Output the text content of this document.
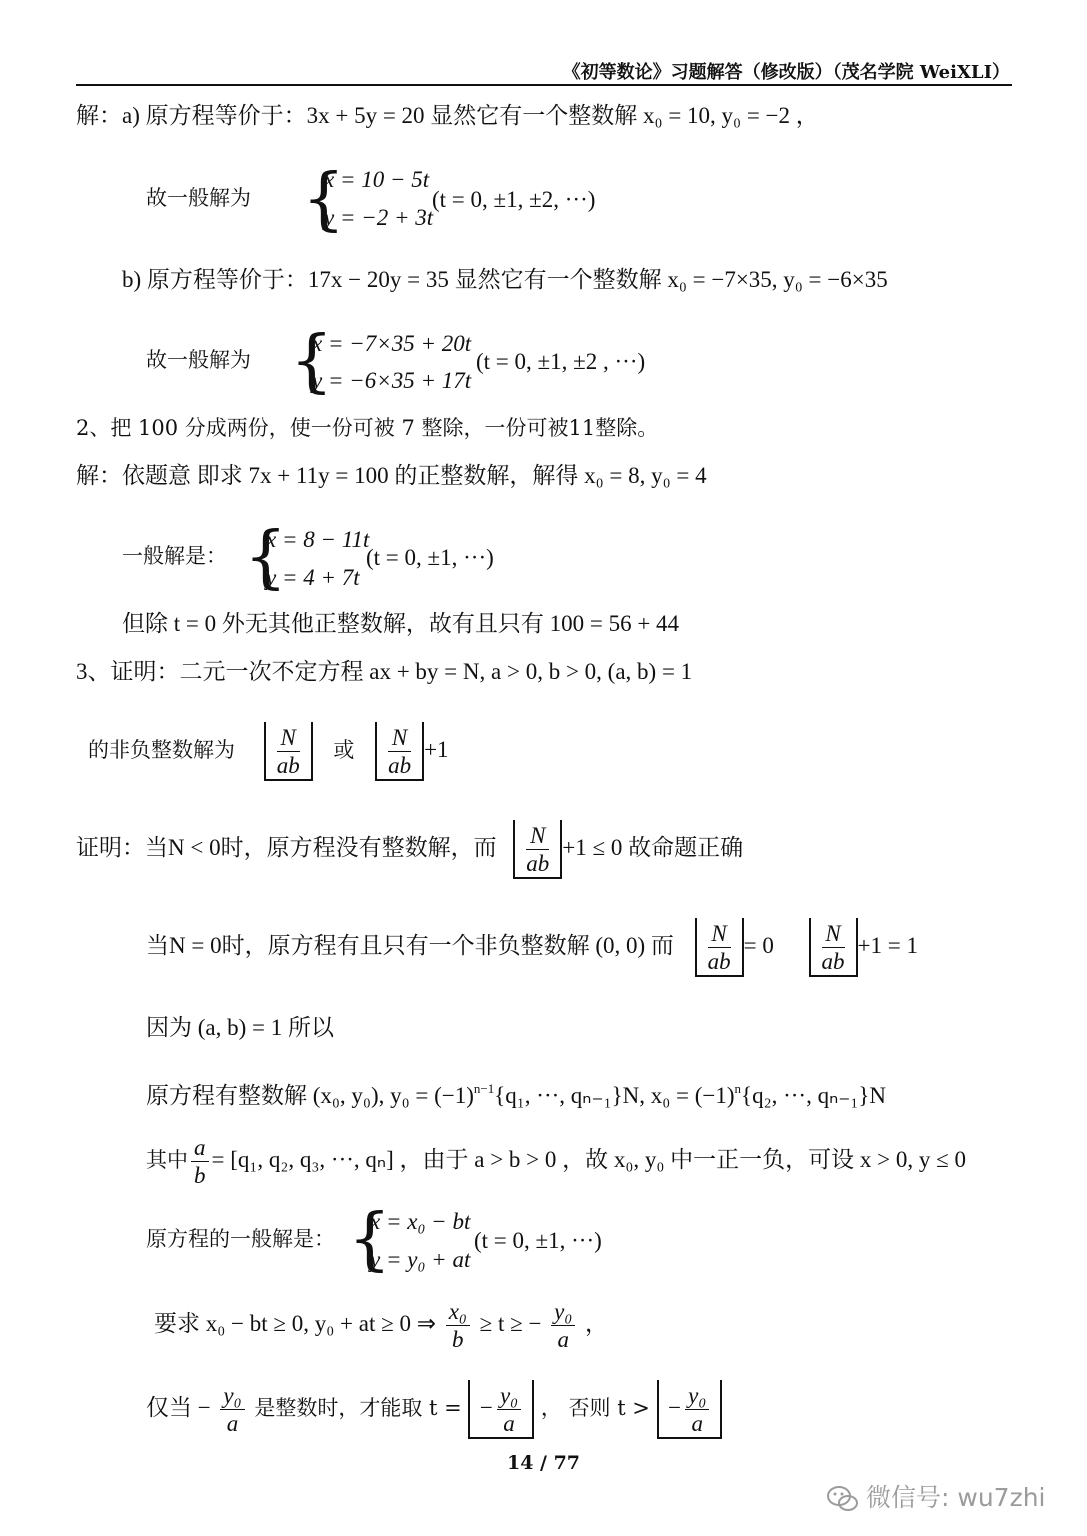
《初等数论》习题解答（修改版）（茂名学院 WeiXLI）
解：a) 原方程等价于：3x + 5y = 20 显然它有一个整数解 x₀ = 10, y₀ = −2 ，
故一般解为 {
x = 10 − 5t
y = −2 + 3t
(t = 0, ±1, ±2, ···)
b) 原方程等价于：17x − 20y = 35 显然它有一个整数解 x₀ = −7×35, y₀ = −6×35
故一般解为 {
x = −7×35 + 20t
y = −6×35 + 17t
(t = 0, ±1, ±2 , ···)
2、把 100 分成两份，使一份可被 7 整除，一份可被11整除。
解：依题意 即求 7x + 11y = 100 的正整数解，解得 x₀ = 8, y₀ = 4
一般解是： {
x = 8 − 11t
y = 4 + 7t
(t = 0, ±1, ···)
但除 t = 0 外无其他正整数解，故有且只有 100 = 56 + 44
3、证明：二元一次不定方程 ax + by = N, a > 0, b > 0, (a, b) = 1
的非负整数解为 $\frac{N}{ab}$ 或 $\frac{N}{ab} +1$
证明：当N < 0时，原方程没有整数解，而 $\frac{N}{ab} +1 \le 0$ 故命题正确
当N = 0时，原方程有且只有一个非负整数解 (0, 0) 而 $\frac{N}{ab} = 0 \frac{N}{ab} +1 = 1$
因为 (a, b) = 1 所以
原方程有整数解 (x₀, y₀), $y_0 = (-1)^{n-1}\{q_1$, ···, qₙ₋₁}N, $x_0 = (-1)^n\{q_2$, ···, qₙ₋₁}N
其中 $\frac{a}{b} = [q_1$, q₂, q₃, ···, qₙ] ，由于 a > b > 0 ，故 x₀, y₀ 中一正一负，可设 x > 0, y ≤ 0
原方程的一般解是： {
x = x₀ − bt
y = y₀ + at
(t = 0, ±1, ···)
要求 x₀ − bt ≥ 0, y₀ + at ≥ 0 ⇒ $\frac{\text{x₀}}{b} \ge t$ ≥ − $\frac{\text{y₀}}{a}$ ，
仅当 − $\frac{\text{y₀}}{a}$ 是整数时，才能取 t = − $\frac{\text{y₀}}{a}$ ， 否则 t > − $\frac{\text{y₀}}{a}$
14 / 77
微信号: wu7zhi
